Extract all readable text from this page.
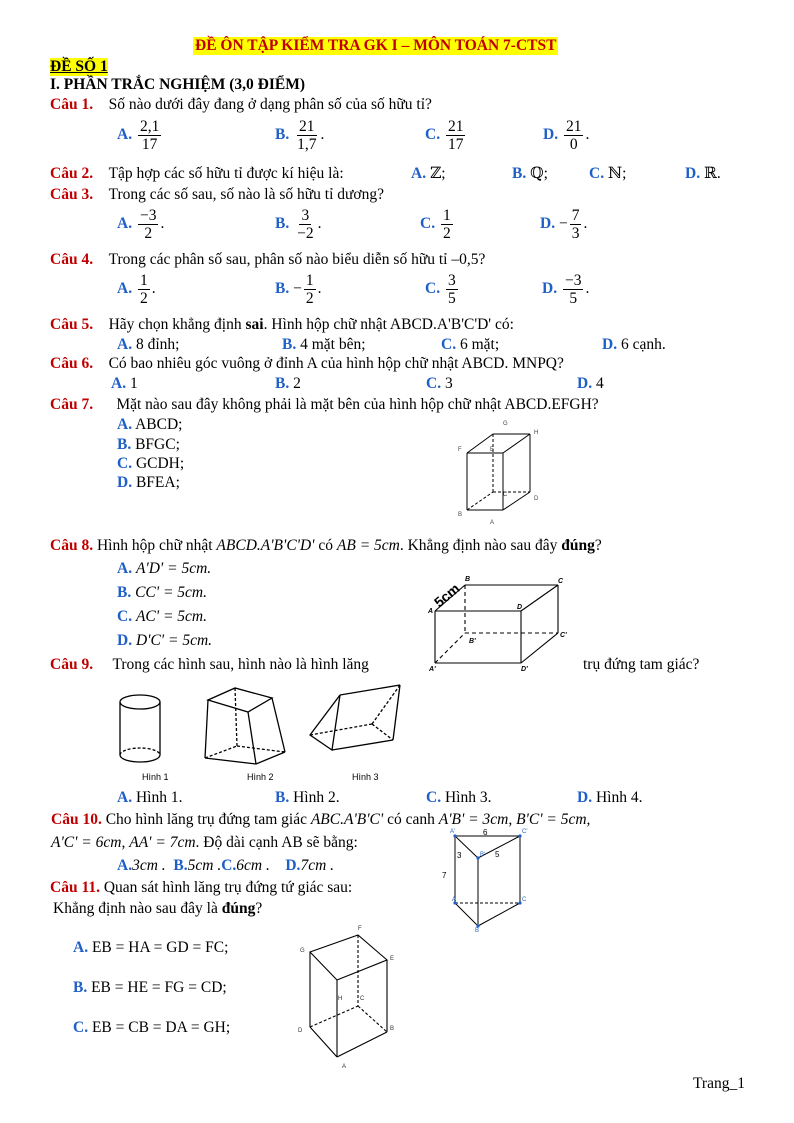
ĐỀ ÔN TẬP KIỂM TRA GK I – MÔN TOÁN 7-CTST
ĐỀ SỐ 1
I. PHẦN TRẮC NGHIỆM (3,0 ĐIỂM)
Câu 1. Số nào dưới đây đang ở dạng phân số của số hữu tỉ?
A. $\frac{2,1}{17}$	B. $\frac{21}{1,7}$ .	C. $\frac{21}{17}$	D. $\frac{21}{0}$ .
Câu 2. Tập hợp các số hữu tỉ được kí hiệu là:	A. ℤ;	B. ℚ;	C. ℕ;	D. ℝ.
Câu 3. Trong các số sau, số nào là số hữu tỉ dương?
A. $\frac{-3}{2}$ .	B. $\frac{3}{-2}$ .	C. $\frac{1}{2}$	D. − $\frac{7}{3}$ .
Câu 4. Trong các phân số sau, phân số nào biểu diễn số hữu tỉ –0,5?
A. $\frac{1}{2}$ .	B. − $\frac{1}{2}$ .	C. $\frac{3}{5}$	D. $\frac{-3}{5}$ .
Câu 5. Hãy chọn khẳng định sai. Hình hộp chữ nhật ABCD.A'B'C'D' có:
A. 8 đỉnh;	B. 4 mặt bên;	C. 6 mặt;	D. 6 cạnh.
Câu 6. Có bao nhiêu góc vuông ở đỉnh A của hình hộp chữ nhật ABCD. MNPQ?
A. 1	B. 2	C. 3	D. 4
Câu 7. Mặt nào sau đây không phải là mặt bên của hình hộp chữ nhật ABCD.EFGH?
A. ABCD;
B. BFGC;
C. GCDH;
D. BFEA;
G
H
F	E
C
D
B
A
Câu 8. Hình hộp chữ nhật ABCD.A'B'C'D' có AB = 5cm. Khẳng định nào sau đây đúng?
A. A'D' = 5cm.
B. CC' = 5cm.
C. AC' = 5cm.
D. D'C' = 5cm.
5cm
B	C
A
D
B'
C'
A'	D'
Câu 9. Trong các hình sau, hình nào là hình lăng	trụ đứng tam giác?
Hình 1	Hình 2	Hình 3
A. Hình 1.	B. Hình 2.	C. Hình 3.	D. Hình 4.
Câu 10. Cho hình lăng trụ đứng tam giác ABC.A'B'C' có canh A'B' = 3cm, B'C' = 5cm,
A'C' = 6cm, AA' = 7cm. Độ dài cạnh AB sẽ bằng:
A.3cm . B.5cm .C.6cm . D.7cm .
A'	C'
B'
A	C
B
6
3	5
7
Câu 11. Quan sát hình lăng trụ đứng tứ giác sau:
Khẳng định nào sau đây là đúng?
A. EB = HA = GD = FC;
B. EB = HE = FG = CD;
C. EB = CB = DA = GH;
F
G
E
H	C
D	B
A
Trang_1
